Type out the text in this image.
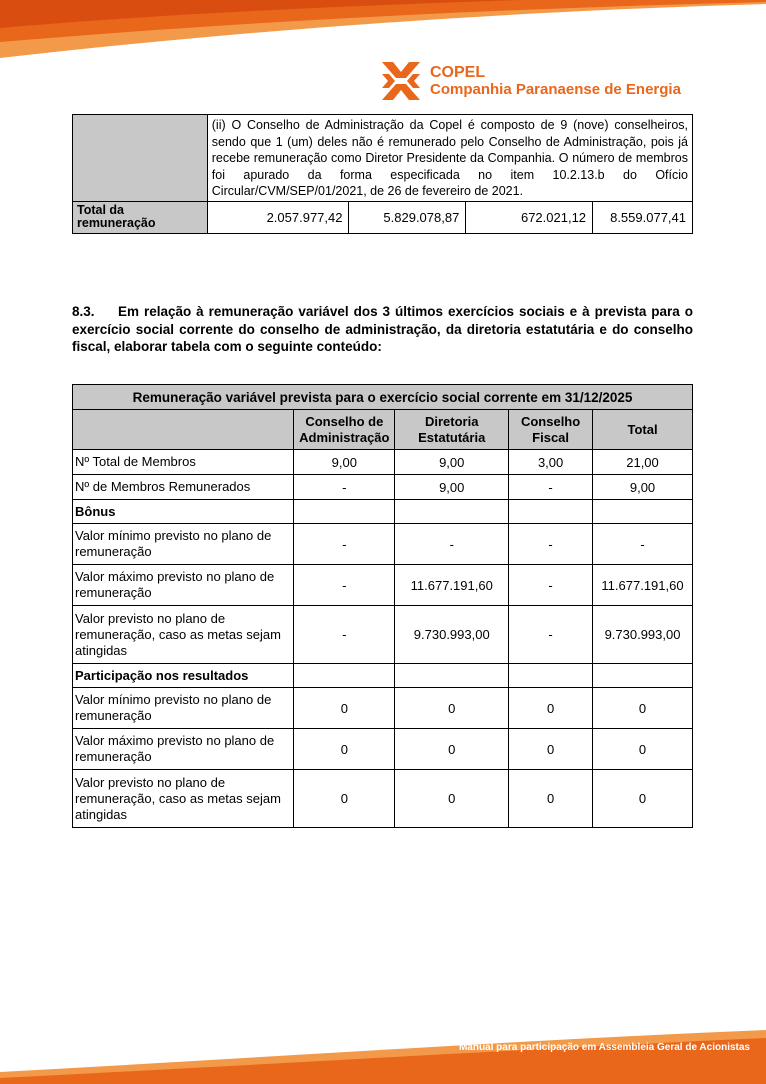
COPEL
Companhia Paranaense de Energia

	(ii) O Conselho de Administração da Copel é composto de 9 (nove) conselheiros, sendo que 1 (um) deles não é remunerado pelo Conselho de Administração, pois já recebe remuneração como Diretor Presidente da Companhia. O número de membros foi apurado da forma especificada no item 10.2.13.b do Ofício Circular/CVM/SEP/01/2021, de 26 de fevereiro de 2021.			

Total da remuneração	2.057.977,42	5.829.078,87	672.021,12	8.559.077,41
8.3. Em relação à remuneração variável dos 3 últimos exercícios sociais e à prevista para o exercício social corrente do conselho de administração, da diretoria estatutária e do conselho fiscal, elaborar tabela com o seguinte conteúdo:
Remuneração variável prevista para o exercício social corrente em 31/12/2025				
	Conselho de Administração	Diretoria Estatutária	Conselho Fiscal	Total
Nº Total de Membros	9,00	9,00	3,00	21,00
Nº de Membros Remunerados	-	9,00	-	9,00
Bônus				
Valor mínimo previsto no plano de remuneração	-	-	-	-
Valor máximo previsto no plano de remuneração	-	11.677.191,60	-	11.677.191,60
Valor previsto no plano de remuneração, caso as metas sejam atingidas	-	9.730.993,00	-	9.730.993,00
Participação nos resultados				
Valor mínimo previsto no plano de remuneração	0	0	0	0
Valor máximo previsto no plano de remuneração	0	0	0	0
Valor previsto no plano de remuneração, caso as metas sejam atingidas	0	0	0	0
Manual para participação em Assembleia Geral de Acionistas
